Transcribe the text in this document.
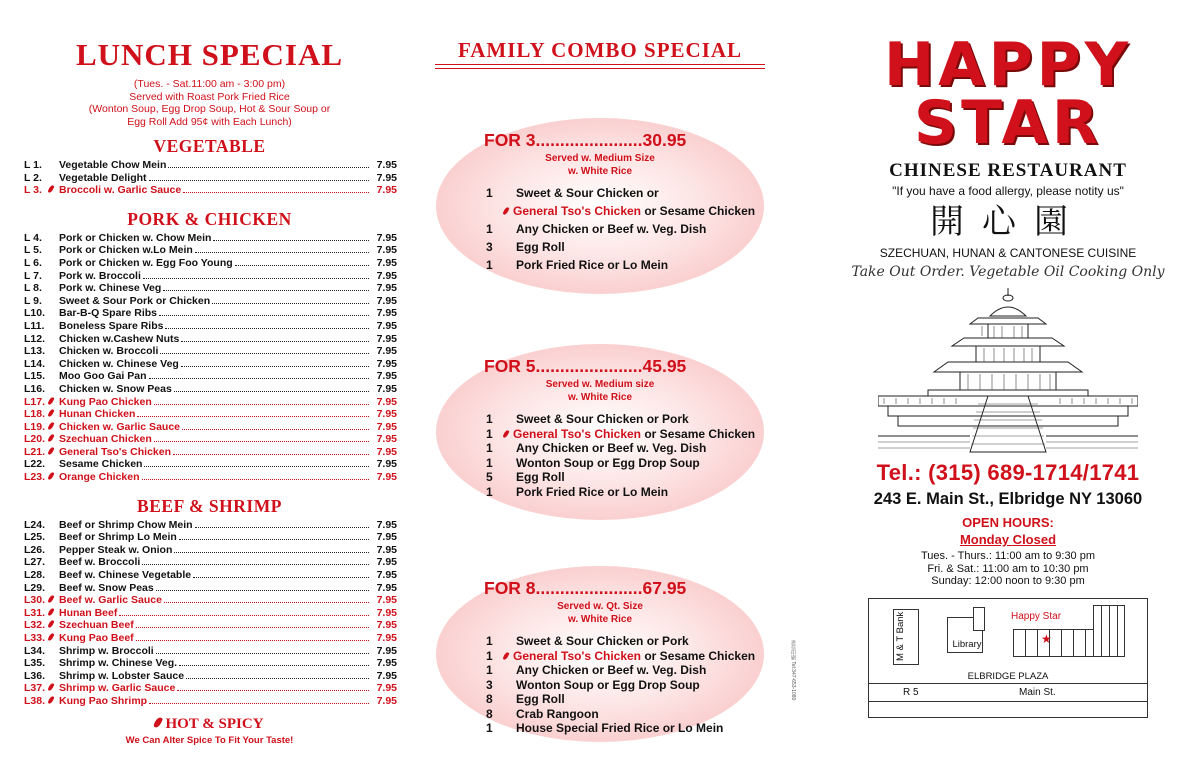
LUNCH SPECIAL
(Tues. - Sat.11:00 am - 3:00 pm)
Served with Roast Pork Fried Rice
(Wonton Soup, Egg Drop Soup, Hot & Sour Soup or
Egg Roll Add 95¢ with Each Lunch)
VEGETABLE
L 1.	Vegetable Chow Mein	7.95
L 2.	Vegetable Delight	7.95
L 3.	Broccoli w. Garlic Sauce	7.95
PORK & CHICKEN
L 4.	Pork or Chicken w. Chow Mein	7.95
L 5.	Pork or Chicken w.Lo Mein	7.95
L 6.	Pork or Chicken w. Egg Foo Young	7.95
L 7.	Pork w. Broccoli	7.95
L 8.	Pork w. Chinese Veg	7.95
L 9.	Sweet & Sour Pork or Chicken	7.95
L10.	Bar-B-Q Spare Ribs	7.95
L11.	Boneless Spare Ribs	7.95
L12.	Chicken w.Cashew Nuts	7.95
L13.	Chicken w. Broccoli	7.95
L14.	Chicken w. Chinese Veg	7.95
L15.	Moo Goo Gai Pan	7.95
L16.	Chicken w. Snow Peas	7.95
L17.	Kung Pao Chicken	7.95
L18.	Hunan Chicken	7.95
L19.	Chicken w. Garlic Sauce	7.95
L20.	Szechuan Chicken	7.95
L21.	General Tso's Chicken	7.95
L22.	Sesame Chicken	7.95
L23.	Orange Chicken	7.95
BEEF & SHRIMP
L24.	Beef or Shrimp Chow Mein	7.95
L25.	Beef or Shrimp Lo Mein	7.95
L26.	Pepper Steak w. Onion	7.95
L27.	Beef w. Broccoli	7.95
L28.	Beef w. Chinese Vegetable	7.95
L29.	Beef w. Snow Peas	7.95
L30.	Beef w. Garlic Sauce	7.95
L31.	Hunan Beef	7.95
L32.	Szechuan Beef	7.95
L33.	Kung Pao Beef	7.95
L34.	Shrimp w. Broccoli	7.95
L35.	Shrimp w. Chinese Veg.	7.95
L36.	Shrimp w. Lobster Sauce	7.95
L37.	Shrimp w. Garlic Sauce	7.95
L38.	Kung Pao Shrimp	7.95
HOT & SPICY
We Can Alter Spice To Fit Your Taste!
FAMILY COMBO SPECIAL
FOR 3......................30.95
Served w. Medium Size
w. White Rice
1	Sweet & Sour Chicken or
General Tso's Chicken or Sesame Chicken
1	Any Chicken or Beef w. Veg. Dish
3	Egg Roll
1	Pork Fried Rice or Lo Mein
FOR 5......................45.95
Served w. Medium size
w. White Rice
1	Sweet & Sour Chicken or Pork
1	General Tso's Chicken or Sesame Chicken
1	Any Chicken or Beef w. Veg. Dish
1	Wonton Soup or Egg Drop Soup
5	Egg Roll
1	Pork Fried Rice or Lo Mein
FOR 8......................67.95
Served w. Qt. Size
w. White Rice
1	Sweet & Sour Chicken or Pork
1	General Tso's Chicken or Sesame Chicken
1	Any Chicken or Beef w. Veg. Dish
3	Wonton Soup or Egg Drop Soup
8	Egg Roll
8	Crab Rangoon
1	House Special Fried Rice or Lo Mein
恩佳印刷 Tel:347-653-1080
HAPPY
STAR
CHINESE RESTAURANT
"If you have a food allergy, please notity us"
開心園
SZECHUAN, HUNAN & CANTONESE CUISINE
Take Out Order. Vegetable Oil Cooking Only
Tel.: (315) 689-1714/1741
243 E. Main St., Elbridge NY 13060
OPEN HOURS:
Monday Closed
Tues. - Thurs.: 11:00 am to 9:30 pm
Fri. & Sat.: 11:00 am to 10:30 pm
Sunday: 12:00 noon to 9:30 pm
M & T Bank	Library
Happy Star
★
ELBRIDGE PLAZA
R 5	Main St.
